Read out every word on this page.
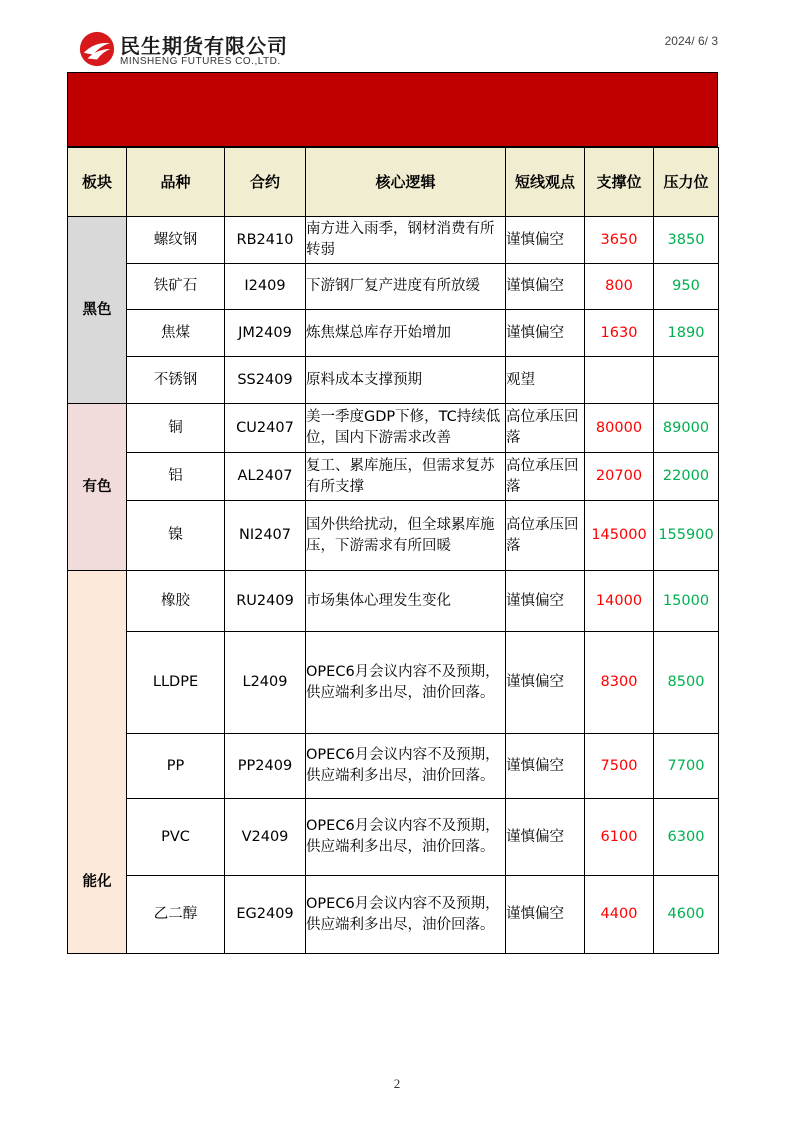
民生期货有限公司
MINSHENG FUTURES CO.,LTD.
2024/ 6/ 3
板块	品种	合约	核心逻辑	短线观点	支撑位	压力位
黑色	螺纹钢	RB2410	南方进入雨季，钢材消费有所转弱	谨慎偏空	3650	3850
	铁矿石	I2409	下游钢厂复产进度有所放缓	谨慎偏空	800	950
	焦煤	JM2409	炼焦煤总库存开始增加	谨慎偏空	1630	1890
	不锈钢	SS2409	原料成本支撑预期	观望		
有色	铜	CU2407	美一季度GDP下修，TC持续低位，国内下游需求改善	高位承压回落	80000	89000
	铝	AL2407	复工、累库施压，但需求复苏有所支撑	高位承压回落	20700	22000
	镍	NI2407	国外供给扰动，但全球累库施压，下游需求有所回暖	高位承压回落	145000	155900
能化	橡胶	RU2409	市场集体心理发生变化	谨慎偏空	14000	15000
	LLDPE	L2409	OPEC6月会议内容不及预期，供应端利多出尽，油价回落。	谨慎偏空	8300	8500
	PP	PP2409	OPEC6月会议内容不及预期，供应端利多出尽，油价回落。	谨慎偏空	7500	7700
	PVC	V2409	OPEC6月会议内容不及预期，供应端利多出尽，油价回落。	谨慎偏空	6100	6300
	乙二醇	EG2409	OPEC6月会议内容不及预期，供应端利多出尽，油价回落。	谨慎偏空	4400	4600
2
